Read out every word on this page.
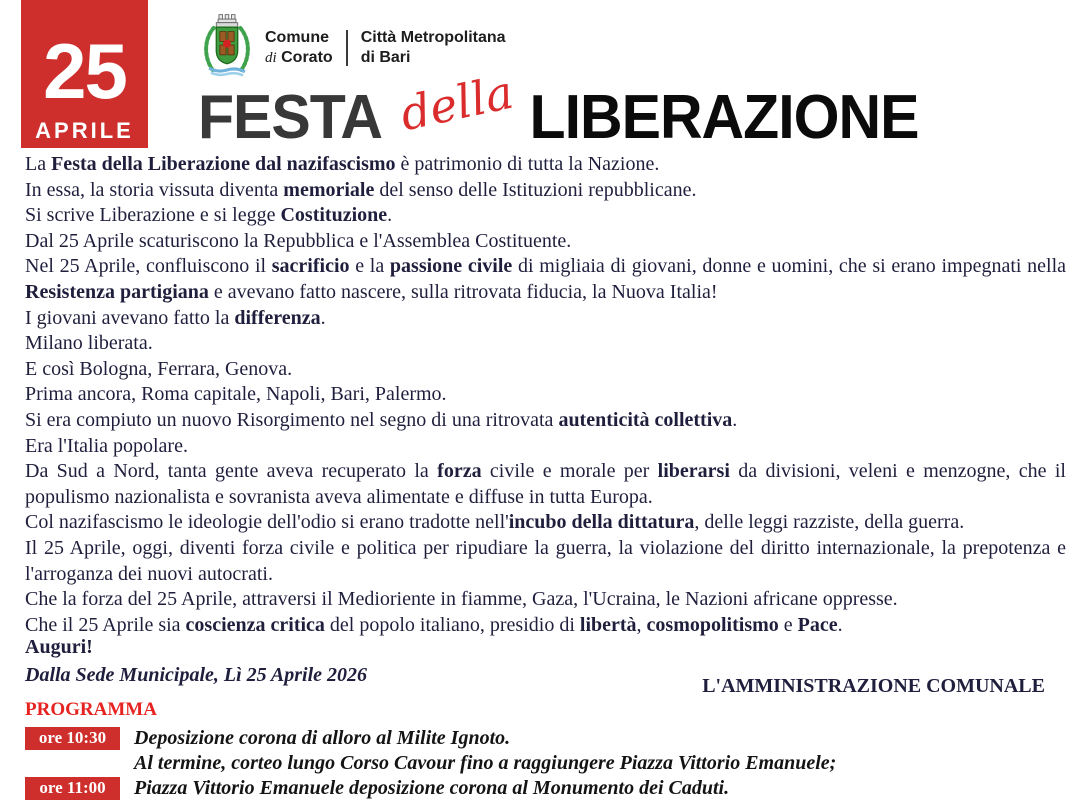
25
APRILE
Comune
di Corato
Città Metropolitana
di Bari
FESTA della LIBERAZIONE

La Festa della Liberazione dal nazifascismo è patrimonio di tutta la Nazione.

In essa, la storia vissuta diventa memoriale del senso delle Istituzioni repubblicane.

Si scrive Liberazione e si legge Costituzione.

Dal 25 Aprile scaturiscono la Repubblica e l'Assemblea Costituente.

Nel 25 Aprile, confluiscono il sacrificio e la passione civile di migliaia di giovani, donne e uomini, che si erano impegnati nella Resistenza partigiana e avevano fatto nascere, sulla ritrovata fiducia, la Nuova Italia!

I giovani avevano fatto la differenza.

Milano liberata.

E così Bologna, Ferrara, Genova.

Prima ancora, Roma capitale, Napoli, Bari, Palermo.

Si era compiuto un nuovo Risorgimento nel segno di una ritrovata autenticità collettiva.

Era l'Italia popolare.

Da Sud a Nord, tanta gente aveva recuperato la forza civile e morale per liberarsi da divisioni, veleni e menzogne, che il populismo nazionalista e sovranista aveva alimentate e diffuse in tutta Europa.

Col nazifascismo le ideologie dell'odio si erano tradotte nell'incubo della dittatura, delle leggi razziste, della guerra.

Il 25 Aprile, oggi, diventi forza civile e politica per ripudiare la guerra, la violazione del diritto internazionale, la prepotenza e l'arroganza dei nuovi autocrati.

Che la forza del 25 Aprile, attraversi il Medioriente in fiamme, Gaza, l'Ucraina, le Nazioni africane oppresse.

Che il 25 Aprile sia coscienza critica del popolo italiano, presidio di libertà, cosmopolitismo e Pace.

Auguri!
Dalla Sede Municipale, Lì 25 Aprile 2026	L'AMMINISTRAZIONE COMUNALE
PROGRAMMA
ore 10:30	Deposizione corona di alloro al Milite Ignoto.
Al termine, corteo lungo Corso Cavour fino a raggiungere Piazza Vittorio Emanuele;
ore 11:00	Piazza Vittorio Emanuele deposizione corona al Monumento dei Caduti.
